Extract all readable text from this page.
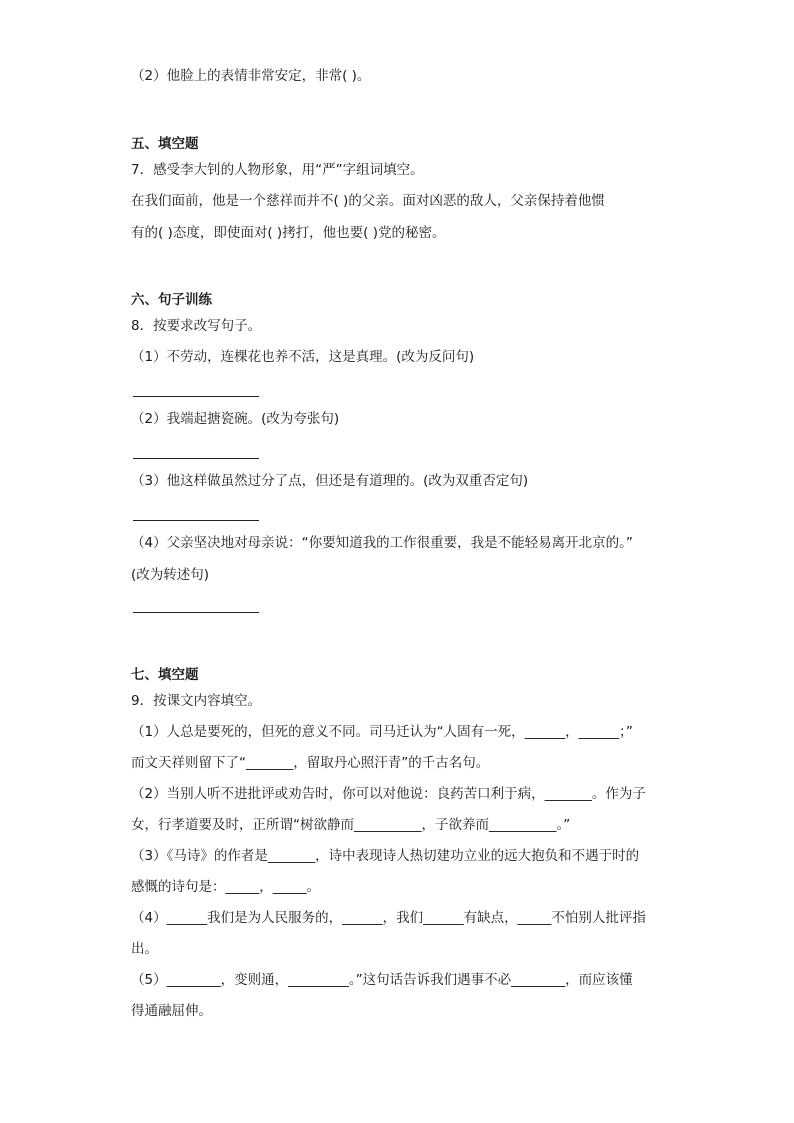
（2）他脸上的表情非常安定，非常( )。
五、填空题
7．感受李大钊的人物形象，用“严”字组词填空。
在我们面前，他是一个慈祥而并不( )的父亲。面对凶恶的敌人，父亲保持着他惯
有的( )态度，即使面对( )拷打，他也要( )党的秘密。
六、句子训练
8．按要求改写句子。
（1）不劳动，连棵花也养不活，这是真理。(改为反问句)
（2）我端起搪瓷碗。(改为夸张句)
（3）他这样做虽然过分了点，但还是有道理的。(改为双重否定句)
（4）父亲坚决地对母亲说：“你要知道我的工作很重要，我是不能轻易离开北京的。”
(改为转述句)
七、填空题
9．按课文内容填空。
（1）人总是要死的，但死的意义不同。司马迁认为“人固有一死，______，______；”
而文天祥则留下了“_______，留取丹心照汗青”的千古名句。
（2）当别人听不进批评或劝告时，你可以对他说：良药苦口利于病，_______。作为子
女，行孝道要及时，正所谓“树欲静而__________，子欲养而__________。”
（3）《马诗》的作者是_______，诗中表现诗人热切建功立业的远大抱负和不遇于时的
感慨的诗句是：_____，_____。
（4）______我们是为人民服务的，______，我们______有缺点，_____不怕别人批评指
出。
（5）________，变则通，_________。”这句话告诉我们遇事不必________，而应该懂
得通融屈伸。
